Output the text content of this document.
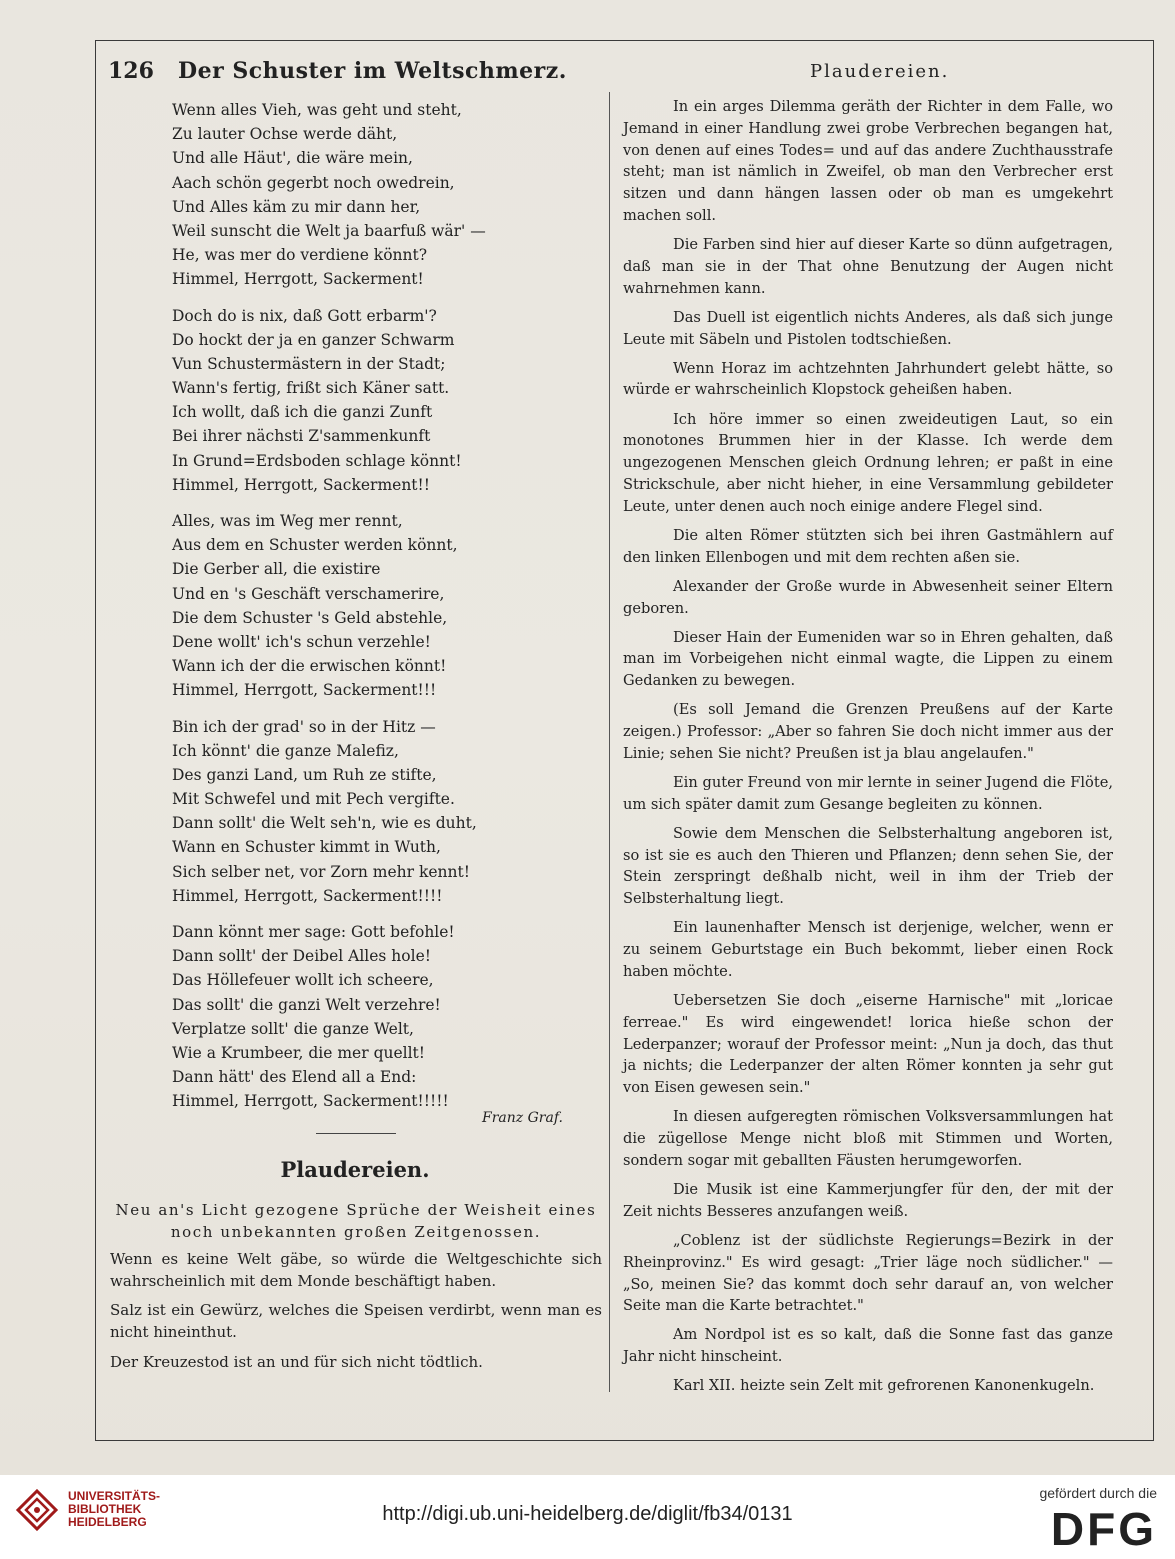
126 Der Schuster im Weltschmerz.	Plaudereien.
Wenn alles Vieh, was geht und steht,
Zu lauter Ochse werde däht,
Und alle Häut', die wäre mein,
Aach schön gegerbt noch owedrein,
Und Alles käm zu mir dann her,
Weil sunscht die Welt ja baarfuß wär' —
He, was mer do verdiene könnt?
Himmel, Herrgott, Sackerment!
Doch do is nix, daß Gott erbarm'?
Do hockt der ja en ganzer Schwarm
Vun Schustermästern in der Stadt;
Wann's fertig, frißt sich Käner satt.
Ich wollt, daß ich die ganzi Zunft
Bei ihrer nächsti Z'sammenkunft
In Grund=Erdsboden schlage könnt!
Himmel, Herrgott, Sackerment!!
Alles, was im Weg mer rennt,
Aus dem en Schuster werden könnt,
Die Gerber all, die existire
Und en 's Geschäft verschamerire,
Die dem Schuster 's Geld abstehle,
Dene wollt' ich's schun verzehle!
Wann ich der die erwischen könnt!
Himmel, Herrgott, Sackerment!!!
Bin ich der grad' so in der Hitz —
Ich könnt' die ganze Malefiz,
Des ganzi Land, um Ruh ze stifte,
Mit Schwefel und mit Pech vergifte.
Dann sollt' die Welt seh'n, wie es duht,
Wann en Schuster kimmt in Wuth,
Sich selber net, vor Zorn mehr kennt!
Himmel, Herrgott, Sackerment!!!!
Dann könnt mer sage: Gott befohle!
Dann sollt' der Deibel Alles hole!
Das Höllefeuer wollt ich scheere,
Das sollt' die ganzi Welt verzehre!
Verplatze sollt' die ganze Welt,
Wie a Krumbeer, die mer quellt!
Dann hätt' des Elend all a End:
Himmel, Herrgott, Sackerment!!!!!
Franz Graf.
Plaudereien.
Neu an's Licht gezogene Sprüche der Weisheit eines noch unbekannten großen Zeitgenossen.
Wenn es keine Welt gäbe, so würde die Weltgeschichte sich wahrscheinlich mit dem Monde beschäftigt haben.
Salz ist ein Gewürz, welches die Speisen verdirbt, wenn man es nicht hineinthut.
Der Kreuzestod ist an und für sich nicht tödtlich.

In ein arges Dilemma geräth der Richter in dem Falle, wo Jemand in einer Handlung zwei grobe Verbrechen begangen hat, von denen auf eines Todes= und auf das andere Zuchthausstrafe steht; man ist nämlich in Zweifel, ob man den Verbrecher erst sitzen und dann hängen lassen oder ob man es umgekehrt machen soll.

Die Farben sind hier auf dieser Karte so dünn aufgetragen, daß man sie in der That ohne Benutzung der Augen nicht wahrnehmen kann.

Das Duell ist eigentlich nichts Anderes, als daß sich junge Leute mit Säbeln und Pistolen todtschießen.

Wenn Horaz im achtzehnten Jahrhundert gelebt hätte, so würde er wahrscheinlich Klopstock geheißen haben.

Ich höre immer so einen zweideutigen Laut, so ein monotones Brummen hier in der Klasse. Ich werde dem ungezogenen Menschen gleich Ordnung lehren; er paßt in eine Strickschule, aber nicht hieher, in eine Versammlung gebildeter Leute, unter denen auch noch einige andere Flegel sind.

Die alten Römer stützten sich bei ihren Gastmählern auf den linken Ellenbogen und mit dem rechten aßen sie.

Alexander der Große wurde in Abwesenheit seiner Eltern geboren.

Dieser Hain der Eumeniden war so in Ehren gehalten, daß man im Vorbeigehen nicht einmal wagte, die Lippen zu einem Gedanken zu bewegen.

(Es soll Jemand die Grenzen Preußens auf der Karte zeigen.) Professor: „Aber so fahren Sie doch nicht immer aus der Linie; sehen Sie nicht? Preußen ist ja blau angelaufen."

Ein guter Freund von mir lernte in seiner Jugend die Flöte, um sich später damit zum Gesange begleiten zu können.

Sowie dem Menschen die Selbsterhaltung angeboren ist, so ist sie es auch den Thieren und Pflanzen; denn sehen Sie, der Stein zerspringt deßhalb nicht, weil in ihm der Trieb der Selbsterhaltung liegt.

Ein launenhafter Mensch ist derjenige, welcher, wenn er zu seinem Geburtstage ein Buch bekommt, lieber einen Rock haben möchte.

Uebersetzen Sie doch „eiserne Harnische" mit „loricae ferreae." Es wird eingewendet! lorica hieße schon der Lederpanzer; worauf der Professor meint: „Nun ja doch, das thut ja nichts; die Lederpanzer der alten Römer konnten ja sehr gut von Eisen gewesen sein."

In diesen aufgeregten römischen Volksversammlungen hat die zügellose Menge nicht bloß mit Stimmen und Worten, sondern sogar mit geballten Fäusten herumgeworfen.

Die Musik ist eine Kammerjungfer für den, der mit der Zeit nichts Besseres anzufangen weiß.

„Coblenz ist der südlichste Regierungs=Bezirk in der Rheinprovinz." Es wird gesagt: „Trier läge noch südlicher." — „So, meinen Sie? das kommt doch sehr darauf an, von welcher Seite man die Karte betrachtet."

Am Nordpol ist es so kalt, daß die Sonne fast das ganze Jahr nicht hinscheint.

Karl XII. heizte sein Zelt mit gefrorenen Kanonenkugeln.

UNIVERSITÄTS-
BIBLIOTHEK
HEIDELBERG	http://digi.ub.uni-heidelberg.de/diglit/fb34/0131
gefördert durch die
DFG
